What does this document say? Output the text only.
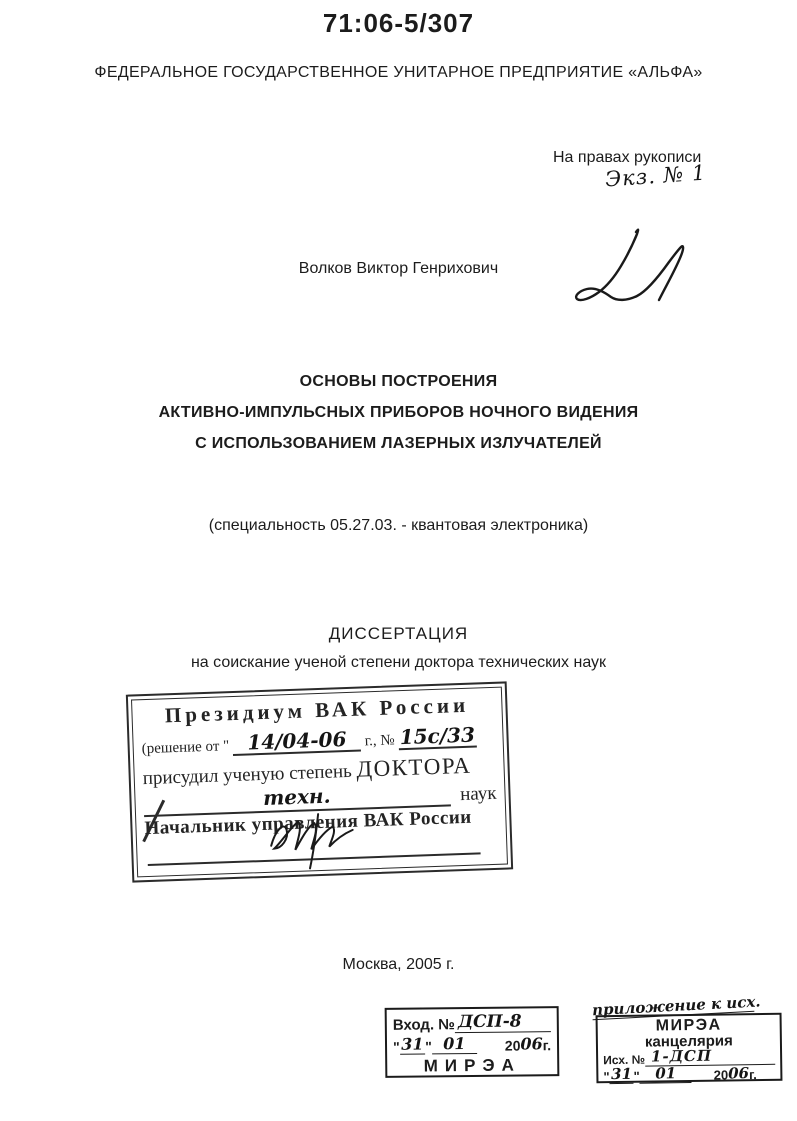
71:06-5/307
ФЕДЕРАЛЬНОЕ ГОСУДАРСТВЕННОЕ УНИТАРНОЕ ПРЕДПРИЯТИЕ «АЛЬФА»
На правах рукописи
Экз. № 1
Волков Виктор Генрихович
ОСНОВЫ ПОСТРОЕНИЯ
АКТИВНО-ИМПУЛЬСНЫХ ПРИБОРОВ НОЧНОГО ВИДЕНИЯ
С ИСПОЛЬЗОВАНИЕМ ЛАЗЕРНЫХ ИЗЛУЧАТЕЛЕЙ
(специальность 05.27.03. - квантовая электроника)
ДИССЕРТАЦИЯ
на соискание ученой степени доктора технических наук
Президиум ВАК России
(решение от " 14/04-06 г., № 15с/33
присудил ученую степень ДОКТОРА
техн.	наук
Начальник управления ВАК России
Москва, 2005 г.
Вход. № ДСП-8
" 31 " 01	20 06 г.
МИРЭА
приложение к исх.
МИРЭА
канцелярия
Исх. № 1-ДСП
" 31 "	01	20 06 г.
